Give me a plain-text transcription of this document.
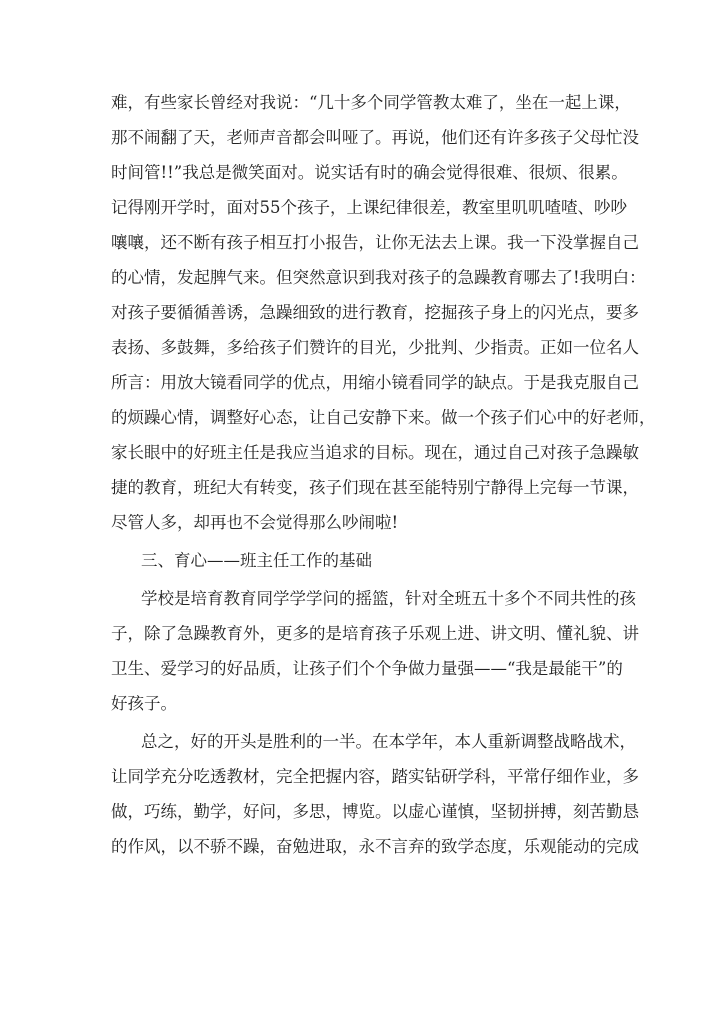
难，有些家长曾经对我说：“几十多个同学管教太难了，坐在一起上课，
那不闹翻了天，老师声音都会叫哑了。再说，他们还有许多孩子父母忙没
时间管!!”我总是微笑面对。说实话有时的确会觉得很难、很烦、很累。
记得刚开学时，面对55个孩子，上课纪律很差，教室里叽叽喳喳、吵吵
嚷嚷，还不断有孩子相互打小报告，让你无法去上课。我一下没掌握自己
的心情，发起脾气来。但突然意识到我对孩子的急躁教育哪去了!我明白：
对孩子要循循善诱，急躁细致的进行教育，挖掘孩子身上的闪光点，要多
表扬、多鼓舞，多给孩子们赞许的目光，少批判、少指责。正如一位名人
所言：用放大镜看同学的优点，用缩小镜看同学的缺点。于是我克服自己
的烦躁心情，调整好心态，让自己安静下来。做一个孩子们心中的好老师，
家长眼中的好班主任是我应当追求的目标。现在，通过自己对孩子急躁敏
捷的教育，班纪大有转变，孩子们现在甚至能特别宁静得上完每一节课，
尽管人多，却再也不会觉得那么吵闹啦!
三、育心——班主任工作的基础
学校是培育教育同学学学问的摇篮，针对全班五十多个不同共性的孩
子，除了急躁教育外，更多的是培育孩子乐观上进、讲文明、懂礼貌、讲
卫生、爱学习的好品质，让孩子们个个争做力量强——“我是最能干”的
好孩子。
总之，好的开头是胜利的一半。在本学年，本人重新调整战略战术，
让同学充分吃透教材，完全把握内容，踏实钻研学科，平常仔细作业，多
做，巧练，勤学，好问，多思，博览。以虚心谨慎，坚韧拼搏，刻苦勤恳
的作风，以不骄不躁，奋勉进取，永不言弃的致学态度，乐观能动的完成
